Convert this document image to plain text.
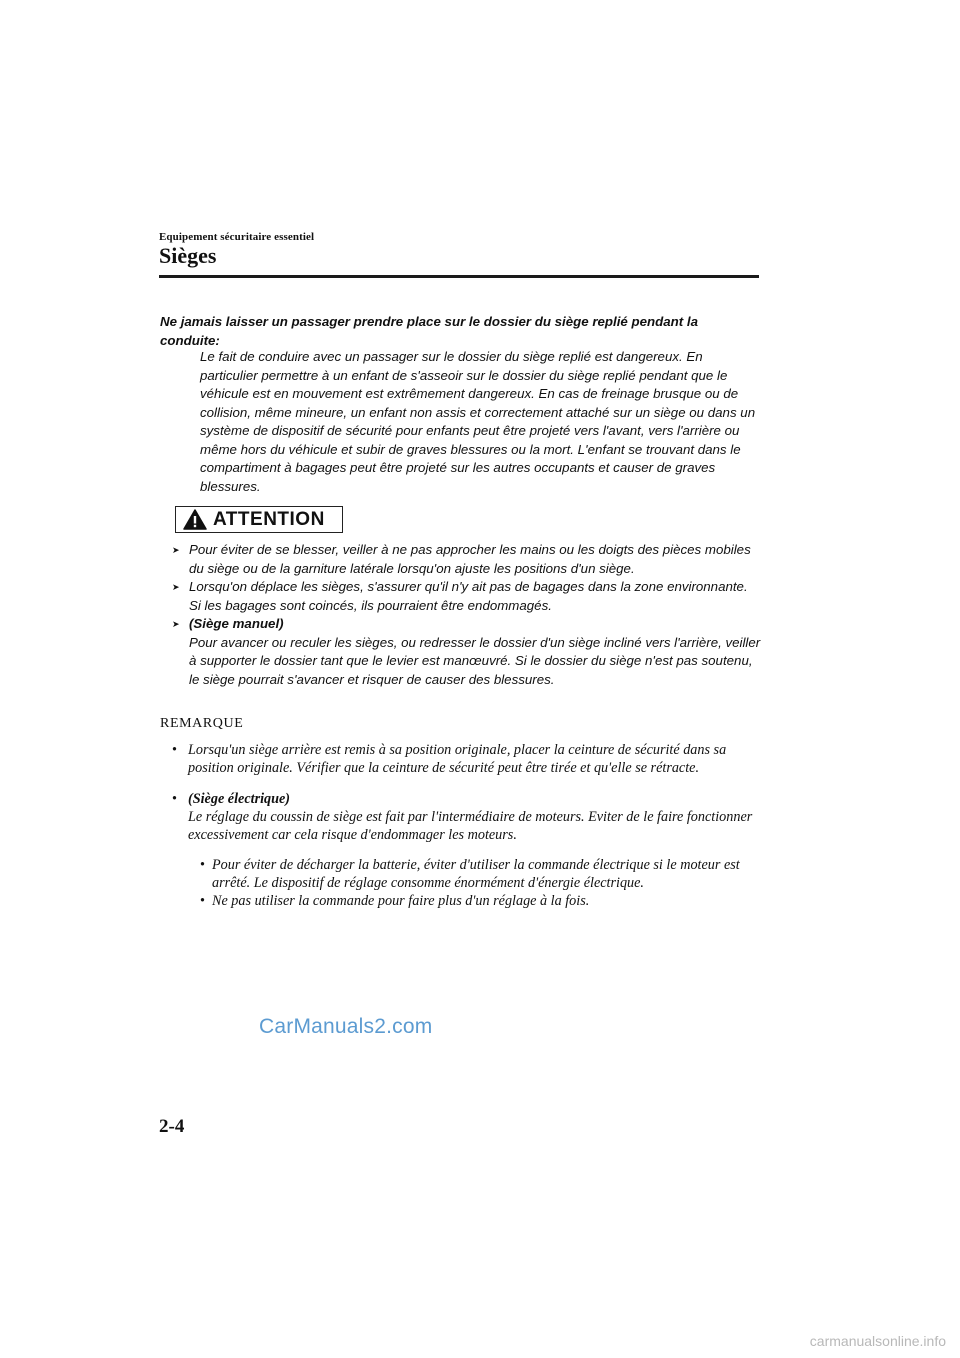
Equipement sécuritaire essentiel
Sièges

Ne jamais laisser un passager prendre place sur le dossier du siège replié pendant la conduite:

Le fait de conduire avec un passager sur le dossier du siège replié est dangereux. En particulier permettre à un enfant de s'asseoir sur le dossier du siège replié pendant que le véhicule est en mouvement est extrêmement dangereux. En cas de freinage brusque ou de collision, même mineure, un enfant non assis et correctement attaché sur un siège ou dans un système de dispositif de sécurité pour enfants peut être projeté vers l'avant, vers l'arrière ou même hors du véhicule et subir de graves blessures ou la mort. L'enfant se trouvant dans le compartiment à bagages peut être projeté sur les autres occupants et causer de graves blessures.

ATTENTION
➤ Pour éviter de se blesser, veiller à ne pas approcher les mains ou les doigts des pièces mobiles du siège ou de la garniture latérale lorsqu'on ajuste les positions d'un siège.
➤ Lorsqu'on déplace les sièges, s'assurer qu'il n'y ait pas de bagages dans la zone environnante. Si les bagages sont coincés, ils pourraient être endommagés.
➤ (Siège manuel)
Pour avancer ou reculer les sièges, ou redresser le dossier d'un siège incliné vers l'arrière, veiller à supporter le dossier tant que le levier est manœuvré. Si le dossier du siège n'est pas soutenu, le siège pourrait s'avancer et risquer de causer des blessures.

REMARQUE

• Lorsqu'un siège arrière est remis à sa position originale, placer la ceinture de sécurité dans sa position originale. Vérifier que la ceinture de sécurité peut être tirée et qu'elle se rétracte.
• (Siège électrique)
Le réglage du coussin de siège est fait par l'intermédiaire de moteurs. Eviter de le faire fonctionner excessivement car cela risque d'endommager les moteurs.
• Pour éviter de décharger la batterie, éviter d'utiliser la commande électrique si le moteur est arrêté. Le dispositif de réglage consomme énormément d'énergie électrique.
• Ne pas utiliser la commande pour faire plus d'un réglage à la fois.
CarManuals2.com
2-4
carmanualsonline.info
